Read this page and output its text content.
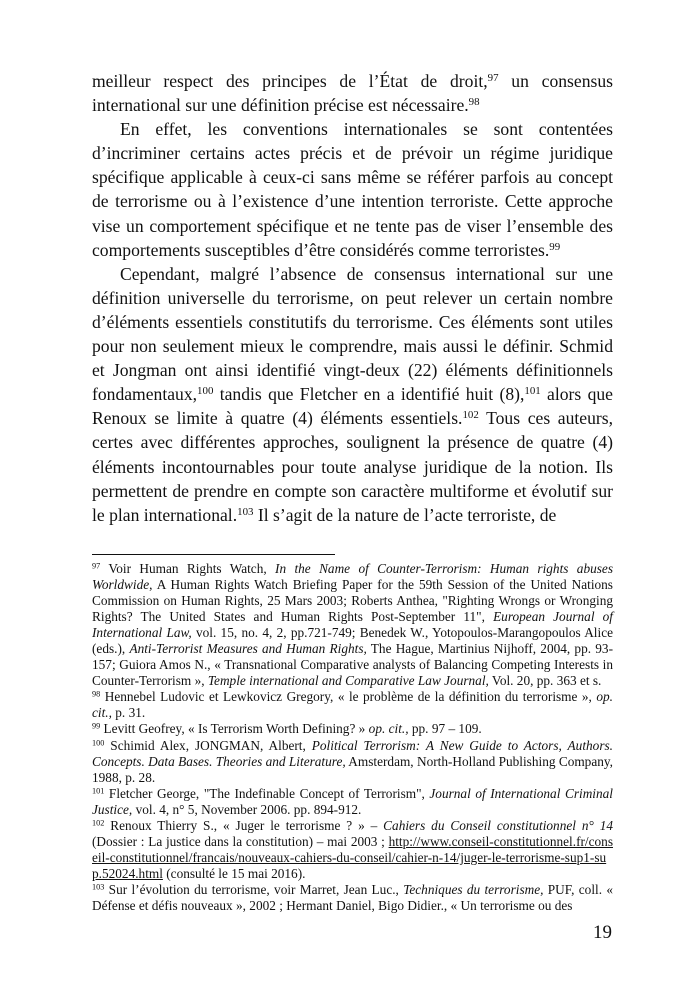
meilleur respect des principes de l’État de droit,$^{97}$ un consensus international sur une définition précise est nécessaire.$^{98}$

En effet, les conventions internationales se sont contentées d’incriminer certains actes précis et de prévoir un régime juridique spécifique applicable à ceux-ci sans même se référer parfois au concept de terrorisme ou à l’existence d’une intention terroriste. Cette approche vise un comportement spécifique et ne tente pas de viser l’ensemble des comportements susceptibles d’être considérés comme terroristes.$^{99}$

Cependant, malgré l’absence de consensus international sur une définition universelle du terrorisme, on peut relever un certain nombre d’éléments essentiels constitutifs du terrorisme. Ces éléments sont utiles pour non seulement mieux le comprendre, mais aussi le définir. Schmid et Jongman ont ainsi identifié vingt-deux (22) éléments définitionnels fondamentaux,$^{100}$ tandis que Fletcher en a identifié huit (8),$^{101}$ alors que Renoux se limite à quatre (4) éléments essentiels.$^{102}$ Tous ces auteurs, certes avec différentes approches, soulignent la présence de quatre (4) éléments incontournables pour toute analyse juridique de la notion. Ils permettent de prendre en compte son caractère multiforme et évolutif sur le plan international.$^{103}$ Il s’agit de la nature de l’acte terroriste, de

$^{97}$ Voir Human Rights Watch, In the Name of Counter-Terrorism: Human rights abuses Worldwide, A Human Rights Watch Briefing Paper for the 59th Session of the United Nations Commission on Human Rights, 25 Mars 2003; Roberts Anthea, "Righting Wrongs or Wronging Rights? The United States and Human Rights Post-September 11", European Journal of International Law, vol. 15, no. 4, 2, pp.721-749; Benedek W., Yotopoulos-Marangopoulos Alice (eds.), Anti-Terrorist Measures and Human Rights, The Hague, Martinius Nijhoff, 2004, pp. 93-157; Guiora Amos N., « Transnational Comparative analysts of Balancing Competing Interests in Counter-Terrorism », Temple international and Comparative Law Journal, Vol. 20, pp. 363 et s.

$^{98}$ Hennebel Ludovic et Lewkovicz Gregory, « le problème de la définition du terrorisme », op. cit., p. 31.

$^{99}$ Levitt Geofrey, « Is Terrorism Worth Defining? » op. cit., pp. 97 – 109.

$^{100}$ Schimid Alex, JONGMAN, Albert, Political Terrorism: A New Guide to Actors, Authors. Concepts. Data Bases. Theories and Literature, Amsterdam, North-Holland Publishing Company, 1988, p. 28.

$^{101}$ Fletcher George, "The Indefinable Concept of Terrorism", Journal of International Criminal Justice, vol. 4, n° 5, November 2006. pp. 894-912.

$^{102}$ Renoux Thierry S., « Juger le terrorisme ? » – Cahiers du Conseil constitutionnel n° 14 (Dossier : La justice dans la constitution) – mai 2003 ; http://www.conseil-constitutionnel.fr/conseil-constitutionnel/francais/nouveaux-cahiers-du-conseil/cahier-n-14/juger-le-terrorisme-sup1-sup.52024.html (consulté le 15 mai 2016).

$^{103}$ Sur l’évolution du terrorisme, voir Marret, Jean Luc., Techniques du terrorisme, PUF, coll. « Défense et défis nouveaux », 2002 ; Hermant Daniel, Bigo Didier., « Un terrorisme ou des

19
